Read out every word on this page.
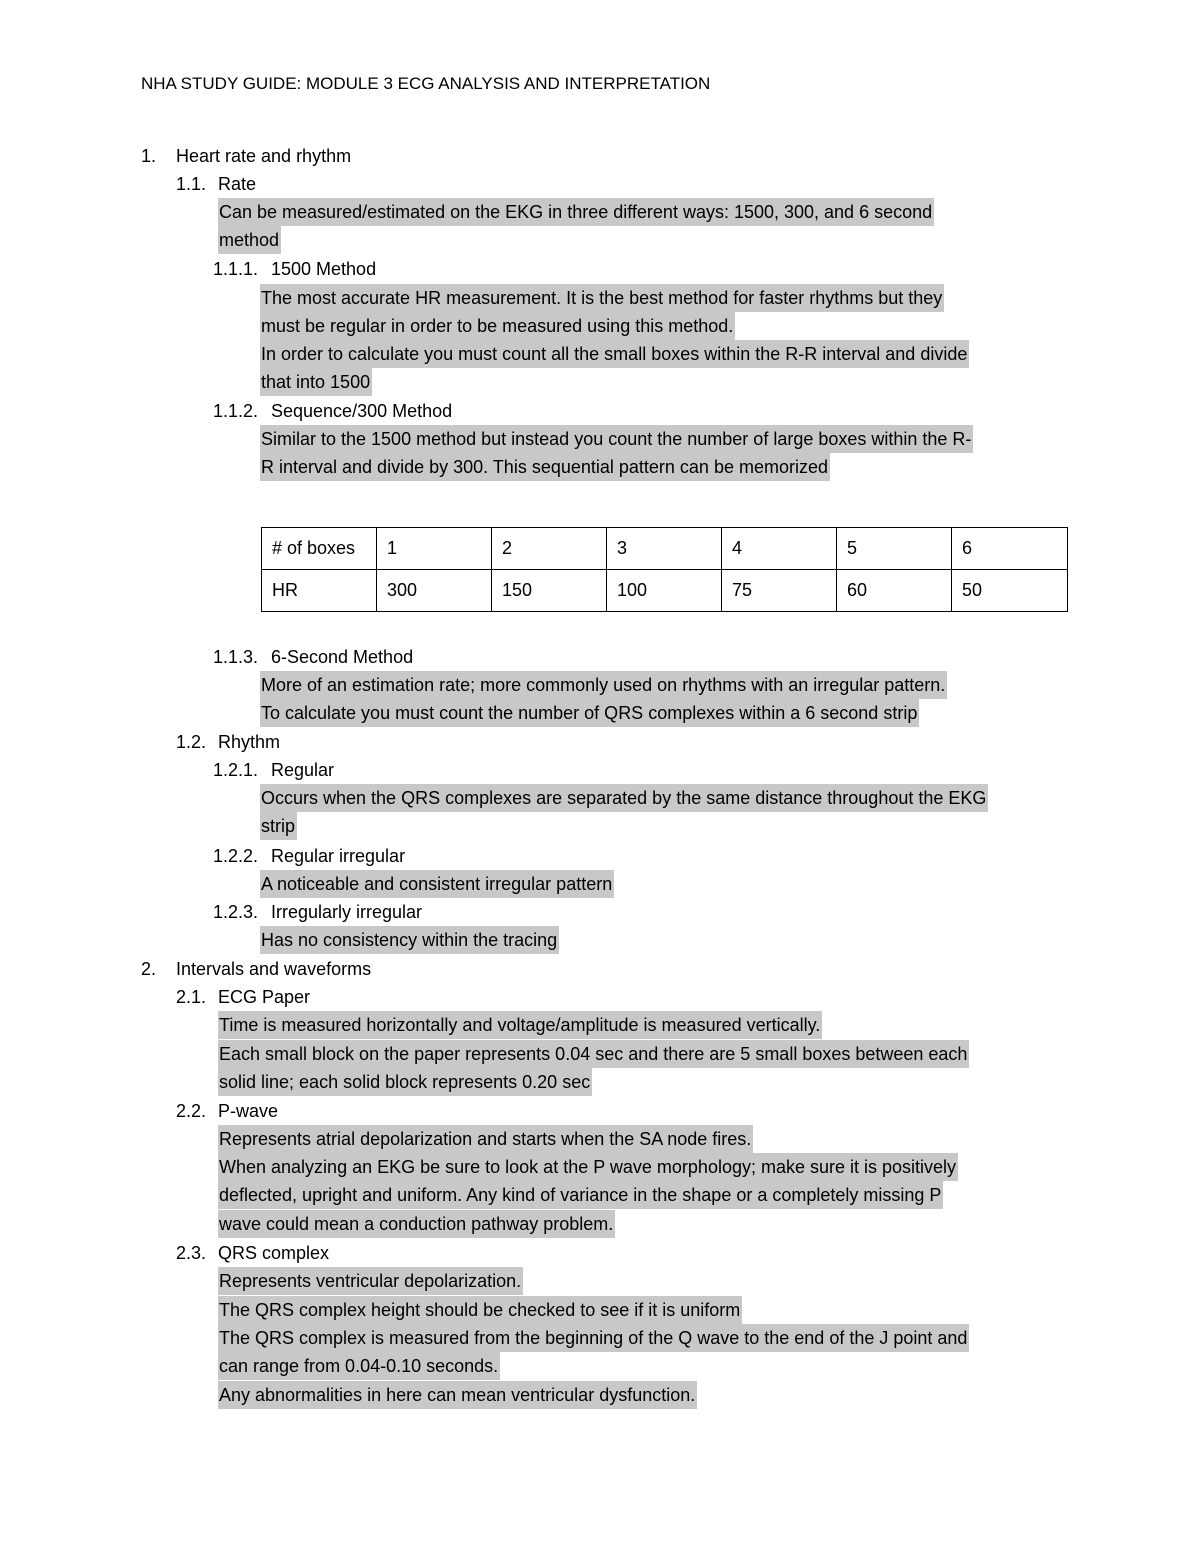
NHA STUDY GUIDE: MODULE 3 ECG ANALYSIS AND INTERPRETATION
1. Heart rate and rhythm
1.1. Rate
Can be measured/estimated on the EKG in three different ways: 1500, 300, and 6 second
method
1.1.1. 1500 Method
The most accurate HR measurement. It is the best method for faster rhythms but they
must be regular in order to be measured using this method.
In order to calculate you must count all the small boxes within the R-R interval and divide
that into 1500
1.1.2. Sequence/300 Method
Similar to the 1500 method but instead you count the number of large boxes within the R-
R interval and divide by 300. This sequential pattern can be memorized
# of boxes	1	2	3	4	5	6
HR	300	150	100	75	60	50
1.1.3. 6-Second Method
More of an estimation rate; more commonly used on rhythms with an irregular pattern.
To calculate you must count the number of QRS complexes within a 6 second strip
1.2. Rhythm
1.2.1. Regular
Occurs when the QRS complexes are separated by the same distance throughout the EKG
strip
1.2.2. Regular irregular
A noticeable and consistent irregular pattern
1.2.3. Irregularly irregular
Has no consistency within the tracing
2. Intervals and waveforms
2.1. ECG Paper
Time is measured horizontally and voltage/amplitude is measured vertically.
Each small block on the paper represents 0.04 sec and there are 5 small boxes between each
solid line; each solid block represents 0.20 sec
2.2. P-wave
Represents atrial depolarization and starts when the SA node fires.
When analyzing an EKG be sure to look at the P wave morphology; make sure it is positively
deflected, upright and uniform. Any kind of variance in the shape or a completely missing P
wave could mean a conduction pathway problem.
2.3. QRS complex
Represents ventricular depolarization.
The QRS complex height should be checked to see if it is uniform
The QRS complex is measured from the beginning of the Q wave to the end of the J point and
can range from 0.04-0.10 seconds.
Any abnormalities in here can mean ventricular dysfunction.
